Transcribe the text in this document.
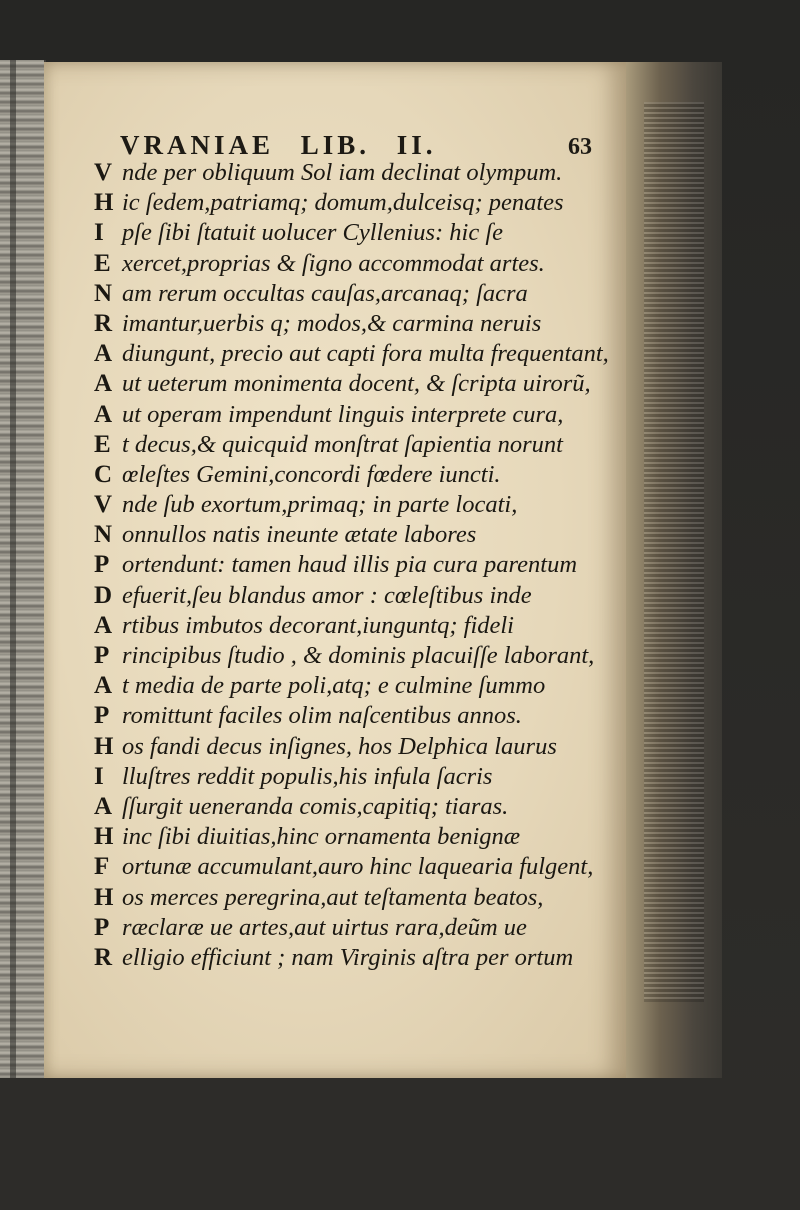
VRANIAE LIB. II.	63
V nde per obliquum Sol iam declinat olympum.
H ic ſedem,patriamq; domum,dulceisq; penates
I pſe ſibi ſtatuit uolucer Cyllenius: hic ſe
E xercet,proprias & ſigno accommodat artes.
N am rerum occultas cauſas,arcanaq; ſacra
R imantur,uerbis q; modos,& carmina neruis
A diungunt, precio aut capti fora multa frequentant,
A ut ueterum monimenta docent, & ſcripta uirorũ,
A ut operam impendunt linguis interprete cura,
E t decus,& quicquid monſtrat ſapientia norunt
C œleſtes Gemini,concordi fœdere iuncti.
V nde ſub exortum,primaq; in parte locati,
N onnullos natis ineunte ætate labores
P ortendunt: tamen haud illis pia cura parentum
D efuerit,ſeu blandus amor : cœleſtibus inde
A rtibus imbutos decorant,iunguntq; fideli
P rincipibus ſtudio , & dominis placuiſſe laborant,
A t media de parte poli,atq; e culmine ſummo
P romittunt faciles olim naſcentibus annos.
H os fandi decus inſignes, hos Delphica laurus
I lluſtres reddit populis,his infula ſacris
A ſſurgit ueneranda comis,capitiq; tiaras.
H inc ſibi diuitias,hinc ornamenta benignæ
F ortunæ accumulant,auro hinc laquearia fulgent,
H os merces peregrina,aut teſtamenta beatos,
P ræclaræ ue artes,aut uirtus rara,deũm ue
R elligio efficiunt ; nam Virginis aſtra per ortum
